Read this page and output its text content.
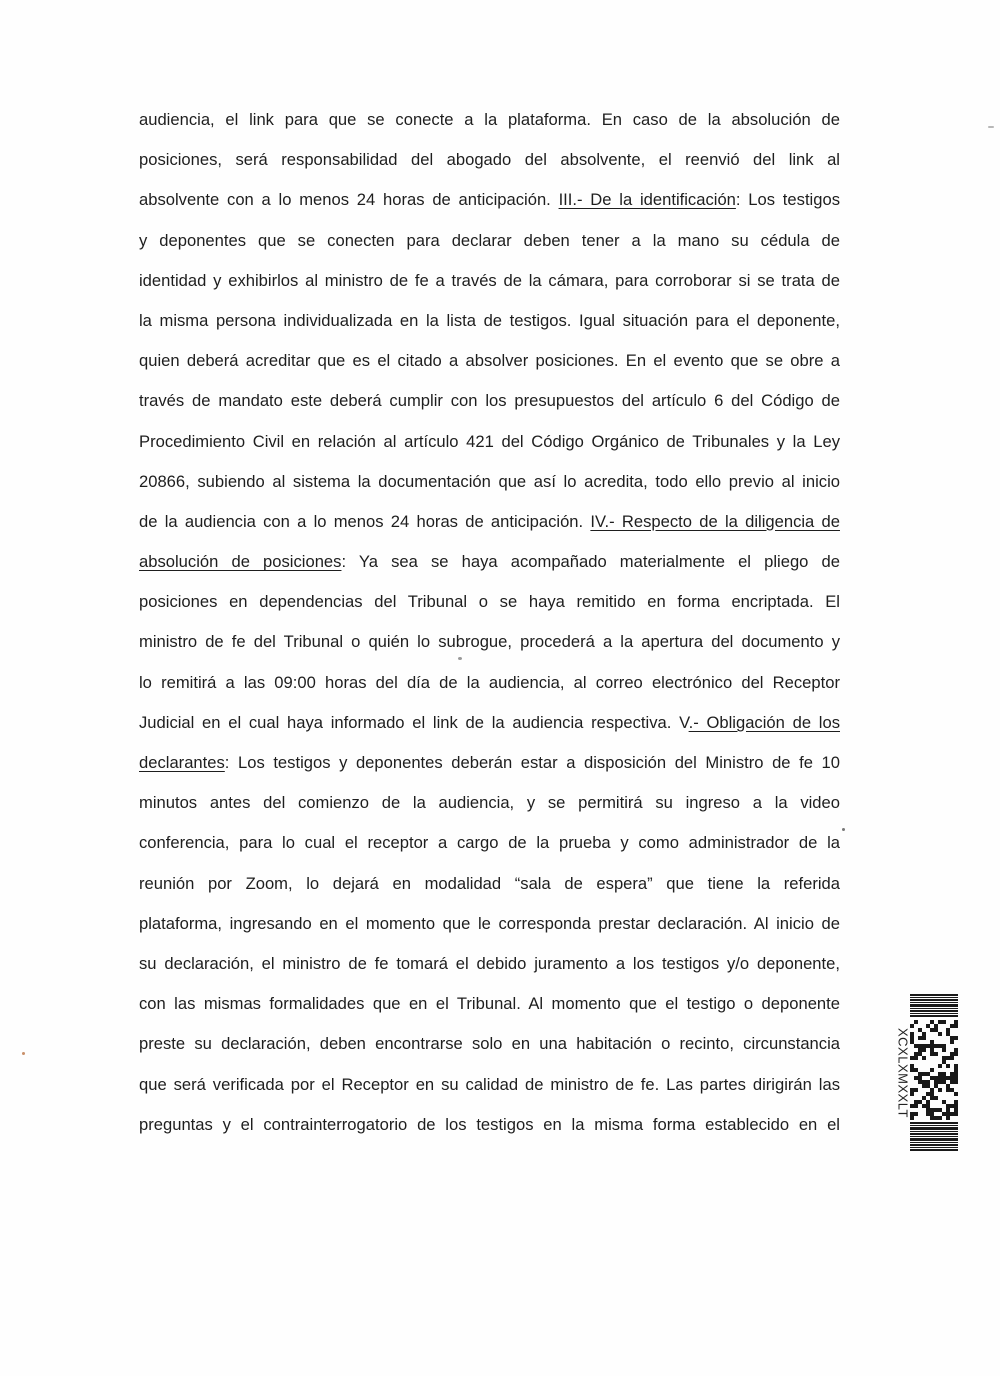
audiencia, el link para que se conecte a la plataforma. En caso de la absolución de
posiciones, será responsabilidad del abogado del absolvente, el reenvió del link al
absolvente con a lo menos 24 horas de anticipación. III.- De la identificación: Los testigos
y deponentes que se conecten para declarar deben tener a la mano su cédula de
identidad y exhibirlos al ministro de fe a través de la cámara, para corroborar si se trata de
la misma persona individualizada en la lista de testigos. Igual situación para el deponente,
quien deberá acreditar que es el citado a absolver posiciones. En el evento que se obre a
través de mandato este deberá cumplir con los presupuestos del artículo 6 del Código de
Procedimiento Civil en relación al artículo 421 del Código Orgánico de Tribunales y la Ley
20866, subiendo al sistema la documentación que así lo acredita, todo ello previo al inicio
de la audiencia con a lo menos 24 horas de anticipación. IV.- Respecto de la diligencia de
absolución de posiciones: Ya sea se haya acompañado materialmente el pliego de
posiciones en dependencias del Tribunal o se haya remitido en forma encriptada. El
ministro de fe del Tribunal o quién lo subrogue, procederá a la apertura del documento y
lo remitirá a las 09:00 horas del día de la audiencia, al correo electrónico del Receptor
Judicial en el cual haya informado el link de la audiencia respectiva. V.- Obligación de los
declarantes: Los testigos y deponentes deberán estar a disposición del Ministro de fe 10
minutos antes del comienzo de la audiencia, y se permitirá su ingreso a la video
conferencia, para lo cual el receptor a cargo de la prueba y como administrador de la
reunión por Zoom, lo dejará en modalidad “sala de espera” que tiene la referida
plataforma, ingresando en el momento que le corresponda prestar declaración. Al inicio de
su declaración, el ministro de fe tomará el debido juramento a los testigos y/o deponente,
con las mismas formalidades que en el Tribunal. Al momento que el testigo o deponente
preste su declaración, deben encontrarse solo en una habitación o recinto, circunstancia
que será verificada por el Receptor en su calidad de ministro de fe. Las partes dirigirán las
preguntas y el contrainterrogatorio de los testigos en la misma forma establecido en el
XCXLXMXXLT
